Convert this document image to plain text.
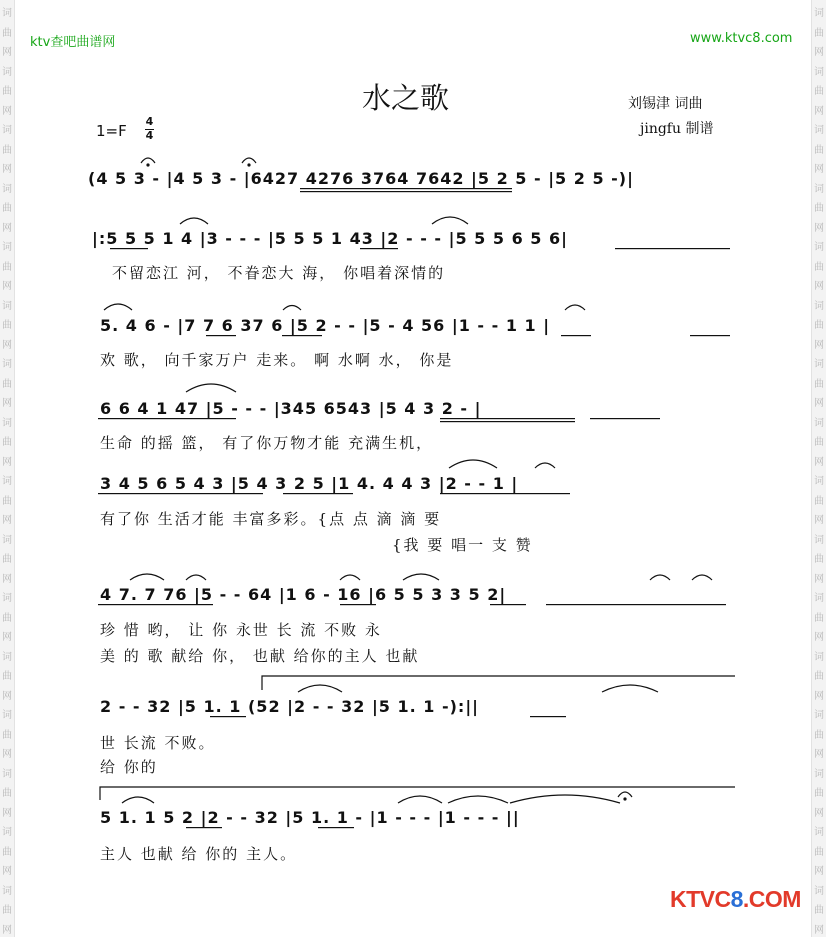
词
曲
网
词
曲
网
词
曲
网
词
曲
网
词
曲
网
词
曲
网
词
曲
网
词
曲
网
词
曲
网
词
曲
网
词
曲
网
词
曲
网
词
曲
网
词
曲
网
词
曲
网
词
曲
网
词
曲
网
词
曲
网
词
曲
网
词
曲
网
词
曲
网
词
曲
网
词
曲
网
词
曲
网
词
曲
网
词
曲
网
词
曲
网
词
曲
网
词
曲
网
词
曲
网
词
曲
网
词
曲
网
ktv查吧曲谱网	www.ktvc8.com
水之歌	刘锡津 词曲
jingfu 制谱
1=F
4
4
(4 5 3 - |4 5 3 - |6427 4276 3764 7642 |5 2 5 - |5 2 5 -)|
|:5 5 5 1 4 |3 - - - |5 5 5 1 43 |2 - - - |5 5 5 6 5 6|
5. 4 6 - |7 7 6 37 6 |5 2 - - |5 - 4 56 |1 - - 1 1 |
6 6 4 1 47 |5 - - - |345 6543 |5 4 3 2 - |
3 4 5 6 5 4 3 |5 4 3 2 5 |1 4. 4 4 3 |2 - - 1 |
4 7. 7 76 |5 - - 64 |1 6 - 16 |6 5 5 3 3 5 2|
2 - - 32 |5 1. 1 (52 |2 - - 32 |5 1. 1 -):||
5 1. 1 5 2 |2 - - 32 |5 1. 1 - |1 - - - |1 - - - ||
不留恋江 河， 不眷恋大 海， 你唱着深情的
欢 歌， 向千家万户 走来。 啊 水啊 水， 你是
生命 的摇 篮， 有了你万物才能 充满生机，
有了你 生活才能 丰富多彩。{点 点 滴 滴 要
{我 要 唱一 支 赞
珍 惜 哟， 让 你 永世 长 流 不败 永
美 的 歌 献给 你， 也献 给你的主人 也献
世 长流 不败。
给 你的
主人 也献 给 你的 主人。
KTVC8.COM
